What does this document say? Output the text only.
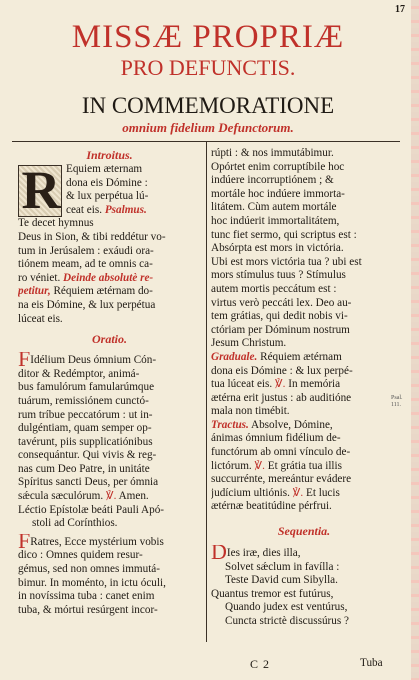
17
MISSÆ PROPRIÆ
PRO DEFUNCTIS.
IN COMMEMORATIONE
omnium fidelium Defunctorum.
Introitus.
R Equiem æternam
dona eis Dómine :
& lux perpétua lú-
ceat eis. Psalmus.
Te decet hymnus
Deus in Sion, & tibi reddétur vo-
tum in Jerúsalem : exáudi ora-
tiónem meam, ad te omnis ca-
ro véniet. Deinde absolutè re-
petitur, Réquiem ætérnam do-
na eis Dómine, & lux perpétua
lúceat eis.
Oratio.
FIdélium Deus ómnium Cón-
ditor & Redémptor, animá-
bus famulórum famularúmque
tuárum, remissiónem cunctó-
rum tríbue peccatórum : ut in-
dulgéntiam, quam semper op-
tavérunt, piis supplicatiónibus
consequántur. Qui vivis & reg-
nas cum Deo Patre, in unitáte
Spíritus sancti Deus, per ómnia
sǽcula sæculórum. ℣. Amen.
Léctio Epístolæ beáti Pauli Apó-
stoli ad Corínthios.
FRatres, Ecce mystérium vobis
dico : Omnes quidem resur-
gémus, sed non omnes immutá-
bimur. In moménto, in ictu óculi,
in novíssima tuba : canet enim
tuba, & mórtui resúrgent incor-
rúpti : & nos immutábimur.
Opórtet enim corruptíbile hoc
indúere incorruptiónem ; &
mortále hoc indúere immorta-
litátem. Cùm autem mortále
hoc indúerit immortalitátem,
tunc fiet sermo, qui scriptus est :
Absórpta est mors in victória.
Ubi est mors victória tua ? ubi est
mors stímulus tuus ? Stímulus
autem mortis peccátum est :
virtus verò peccáti lex. Deo au-
tem grátias, qui dedit nobis vi-
ctóriam per Dóminum nostrum
Jesum Christum.
Graduale. Réquiem ætérnam
dona eis Dómine : & lux perpé-
tua lúceat eis. ℣. In memória
ætérna erit justus : ab auditióne
mala non timébit.
Tractus. Absolve, Dómine,
ánimas ómnium fidélium de-
functórum ab omni vínculo de-
lictórum. ℣. Et grátia tua illis
succurrénte, mereántur evádere
judícium ultiónis. ℣. Et lucis
ætérnæ beatitúdine pérfrui.
Sequentia.
DIes iræ, dies illa,
Solvet sǽclum in favílla :
Teste David cum Sibylla.
Quantus tremor est futúrus,
Quando judex est ventúrus,
Cuncta strictè discussúrus ?
Psal. 111.
C 2	Tuba
